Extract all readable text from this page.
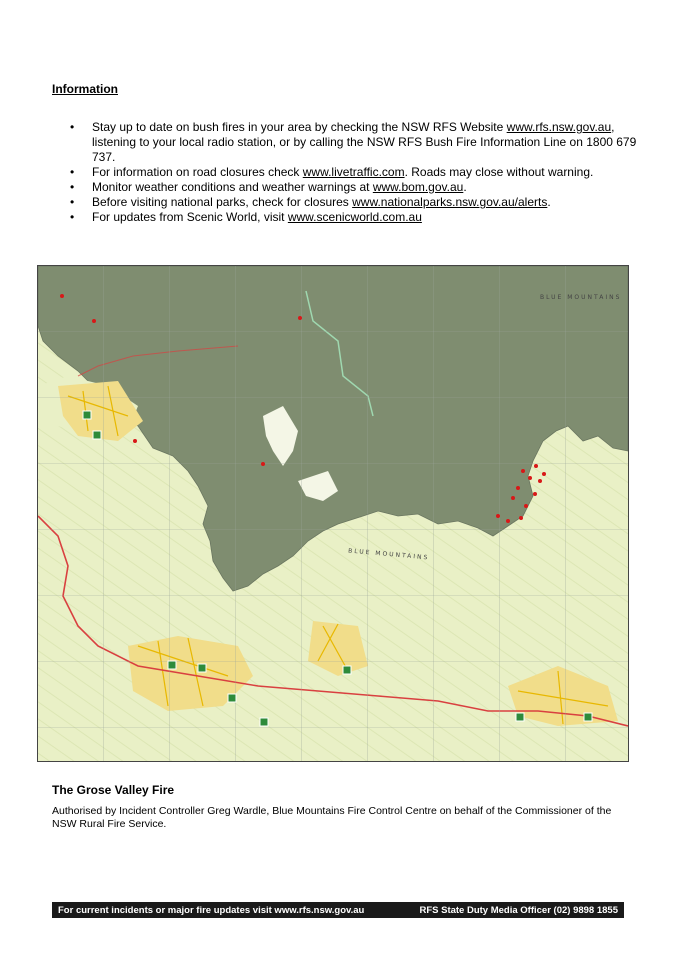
Information
• Stay up to date on bush fires in your area by checking the NSW RFS Website www.rfs.nsw.gov.au, listening to your local radio station, or by calling the NSW RFS Bush Fire Information Line on 1800 679 737.
• For information on road closures check www.livetraffic.com. Roads may close without warning.
• Monitor weather conditions and weather warnings at www.bom.gov.au.
• Before visiting national parks, check for closures www.nationalparks.nsw.gov.au/alerts.
• For updates from Scenic World, visit www.scenicworld.com.au
BLUE MOUNTAINS
BLUE MOUNTAINS
The Grose Valley Fire
Authorised by Incident Controller Greg Wardle, Blue Mountains Fire Control Centre on behalf of the Commissioner of the NSW Rural Fire Service.
For current incidents or major fire updates visit www.rfs.nsw.gov.au	RFS State Duty Media Officer (02) 9898 1855
